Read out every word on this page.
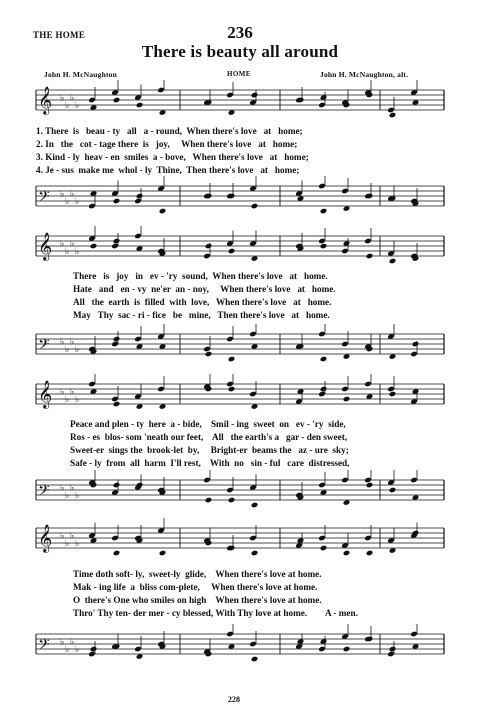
THE HOME	236
There is beauty all around
John H. McNaughton	HOME	John H. McNaughton, alt.
𝄞 ♭
♭
♭
♭
1. There  is   beau - ty   all   a - round,  When there's love   at   home;
2. In   the   cot - tage there  is   joy,     When there's love   at   home;
3. Kind - ly  heav - en  smiles  a - bove,   When there's love   at   home;
4. Je - sus  make me  whol - ly  Thine,  Then there's love   at   home;
𝄢 ♭
♭
♭
♭
𝄞 ♭
♭
♭
♭
There   is   joy   in   ev - 'ry  sound,  When there's love   at   home.
Hate   and   en - vy  ne'er  an - noy,     When there's love   at   home.
All   the  earth  is  filled  with  love,   When there's love   at   home.
May   Thy  sac - ri - fice   be   mine,   Then there's love   at   home.
𝄢 ♭
♭
♭
♭
𝄞 ♭
♭
♭
♭
Peace and plen - ty  here  a - bide,    Smil - ing  sweet  on   ev - 'ry  side,
Ros - es  blos- som 'neath our feet,    All   the earth's a   gar - den sweet,
Sweet-er  sings the  brook-let  by,     Bright-er  beams the   az - ure  sky;
Safe - ly  from  all  harm  I'll rest,    With  no   sin - ful   care  distressed,
𝄢 ♭
♭
♭
♭
𝄞 ♭
♭
♭
♭
Time doth soft- ly,  sweet-ly  glide,    When there's love at home.
Mak - ing life  a  bliss com-plete,     When there's love at home.
O  there's One who smiles on high    When there's love at home.
Thro' Thy ten- der mer - cy blessed, With Thy love at home.        A - men.
𝄢 ♭
♭
♭
♭
228
